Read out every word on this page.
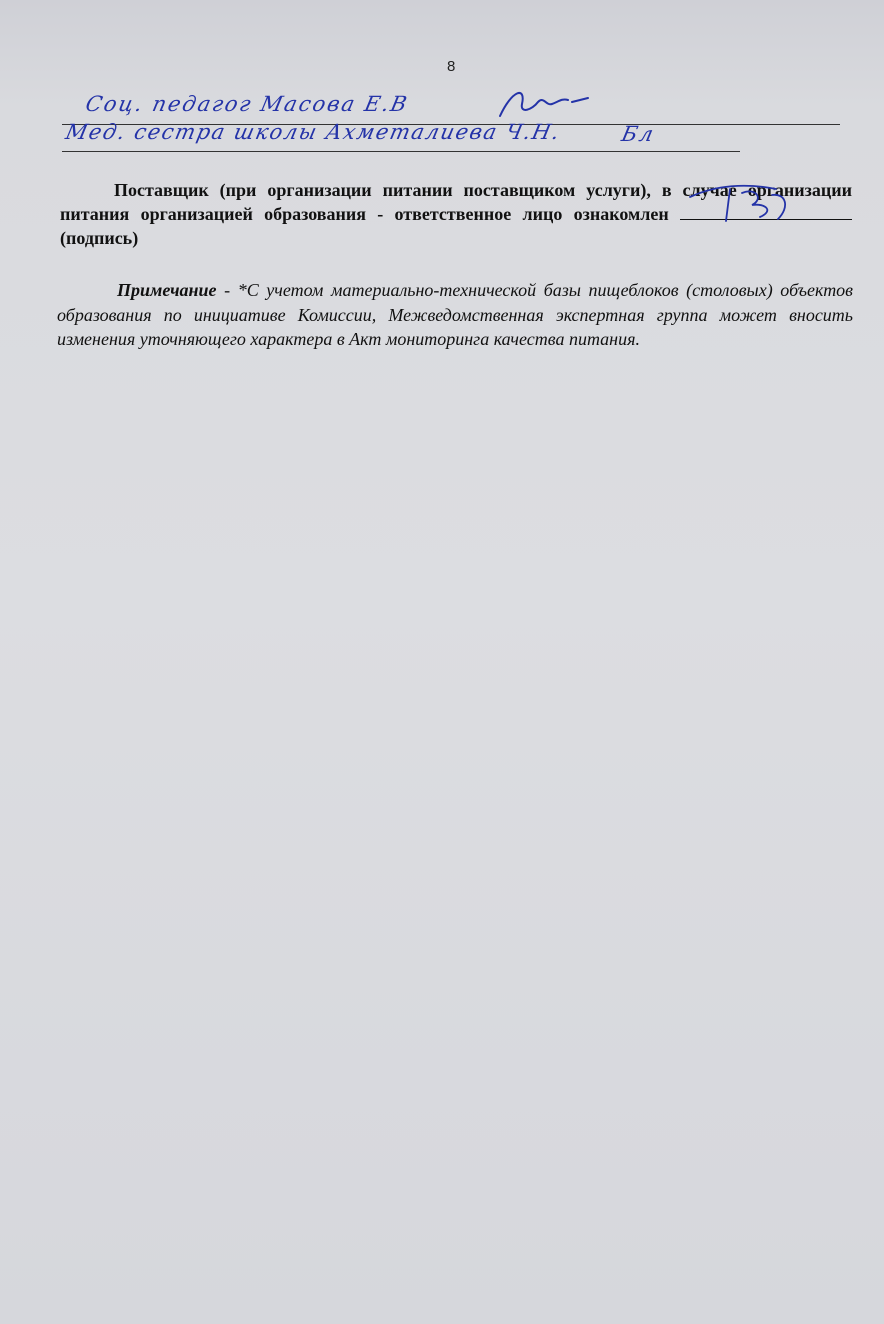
8
Соц. педагог Масова Е.В
Мед. сестра школы Ахметалиева Ч.Н.	Бл
Поставщик (при организации питании поставщиком услуги), в случае организации питания организацией образования - ответственное лицо ознакомлен
(подпись)
Примечание - *С учетом материально-технической базы пищеблоков (столовых) объектов образования по инициативе Комиссии, Межведомственная экспертная группа может вносить изменения уточняющего характера в Акт мониторинга качества питания.
